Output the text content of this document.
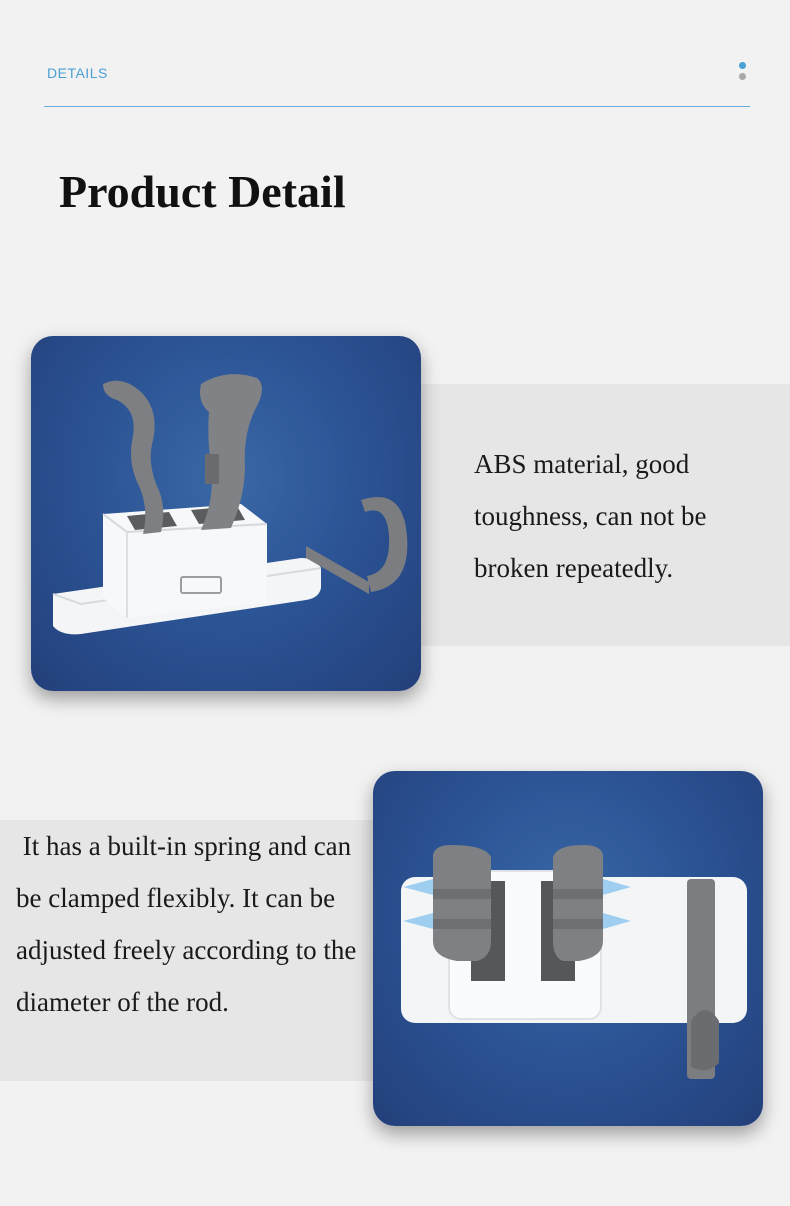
DETAILS
Product Detail

ABS material, good toughness, can not be broken repeatedly.

It has a built-in spring and can be clamped flexibly. It can be adjusted freely according to the diameter of the rod.
